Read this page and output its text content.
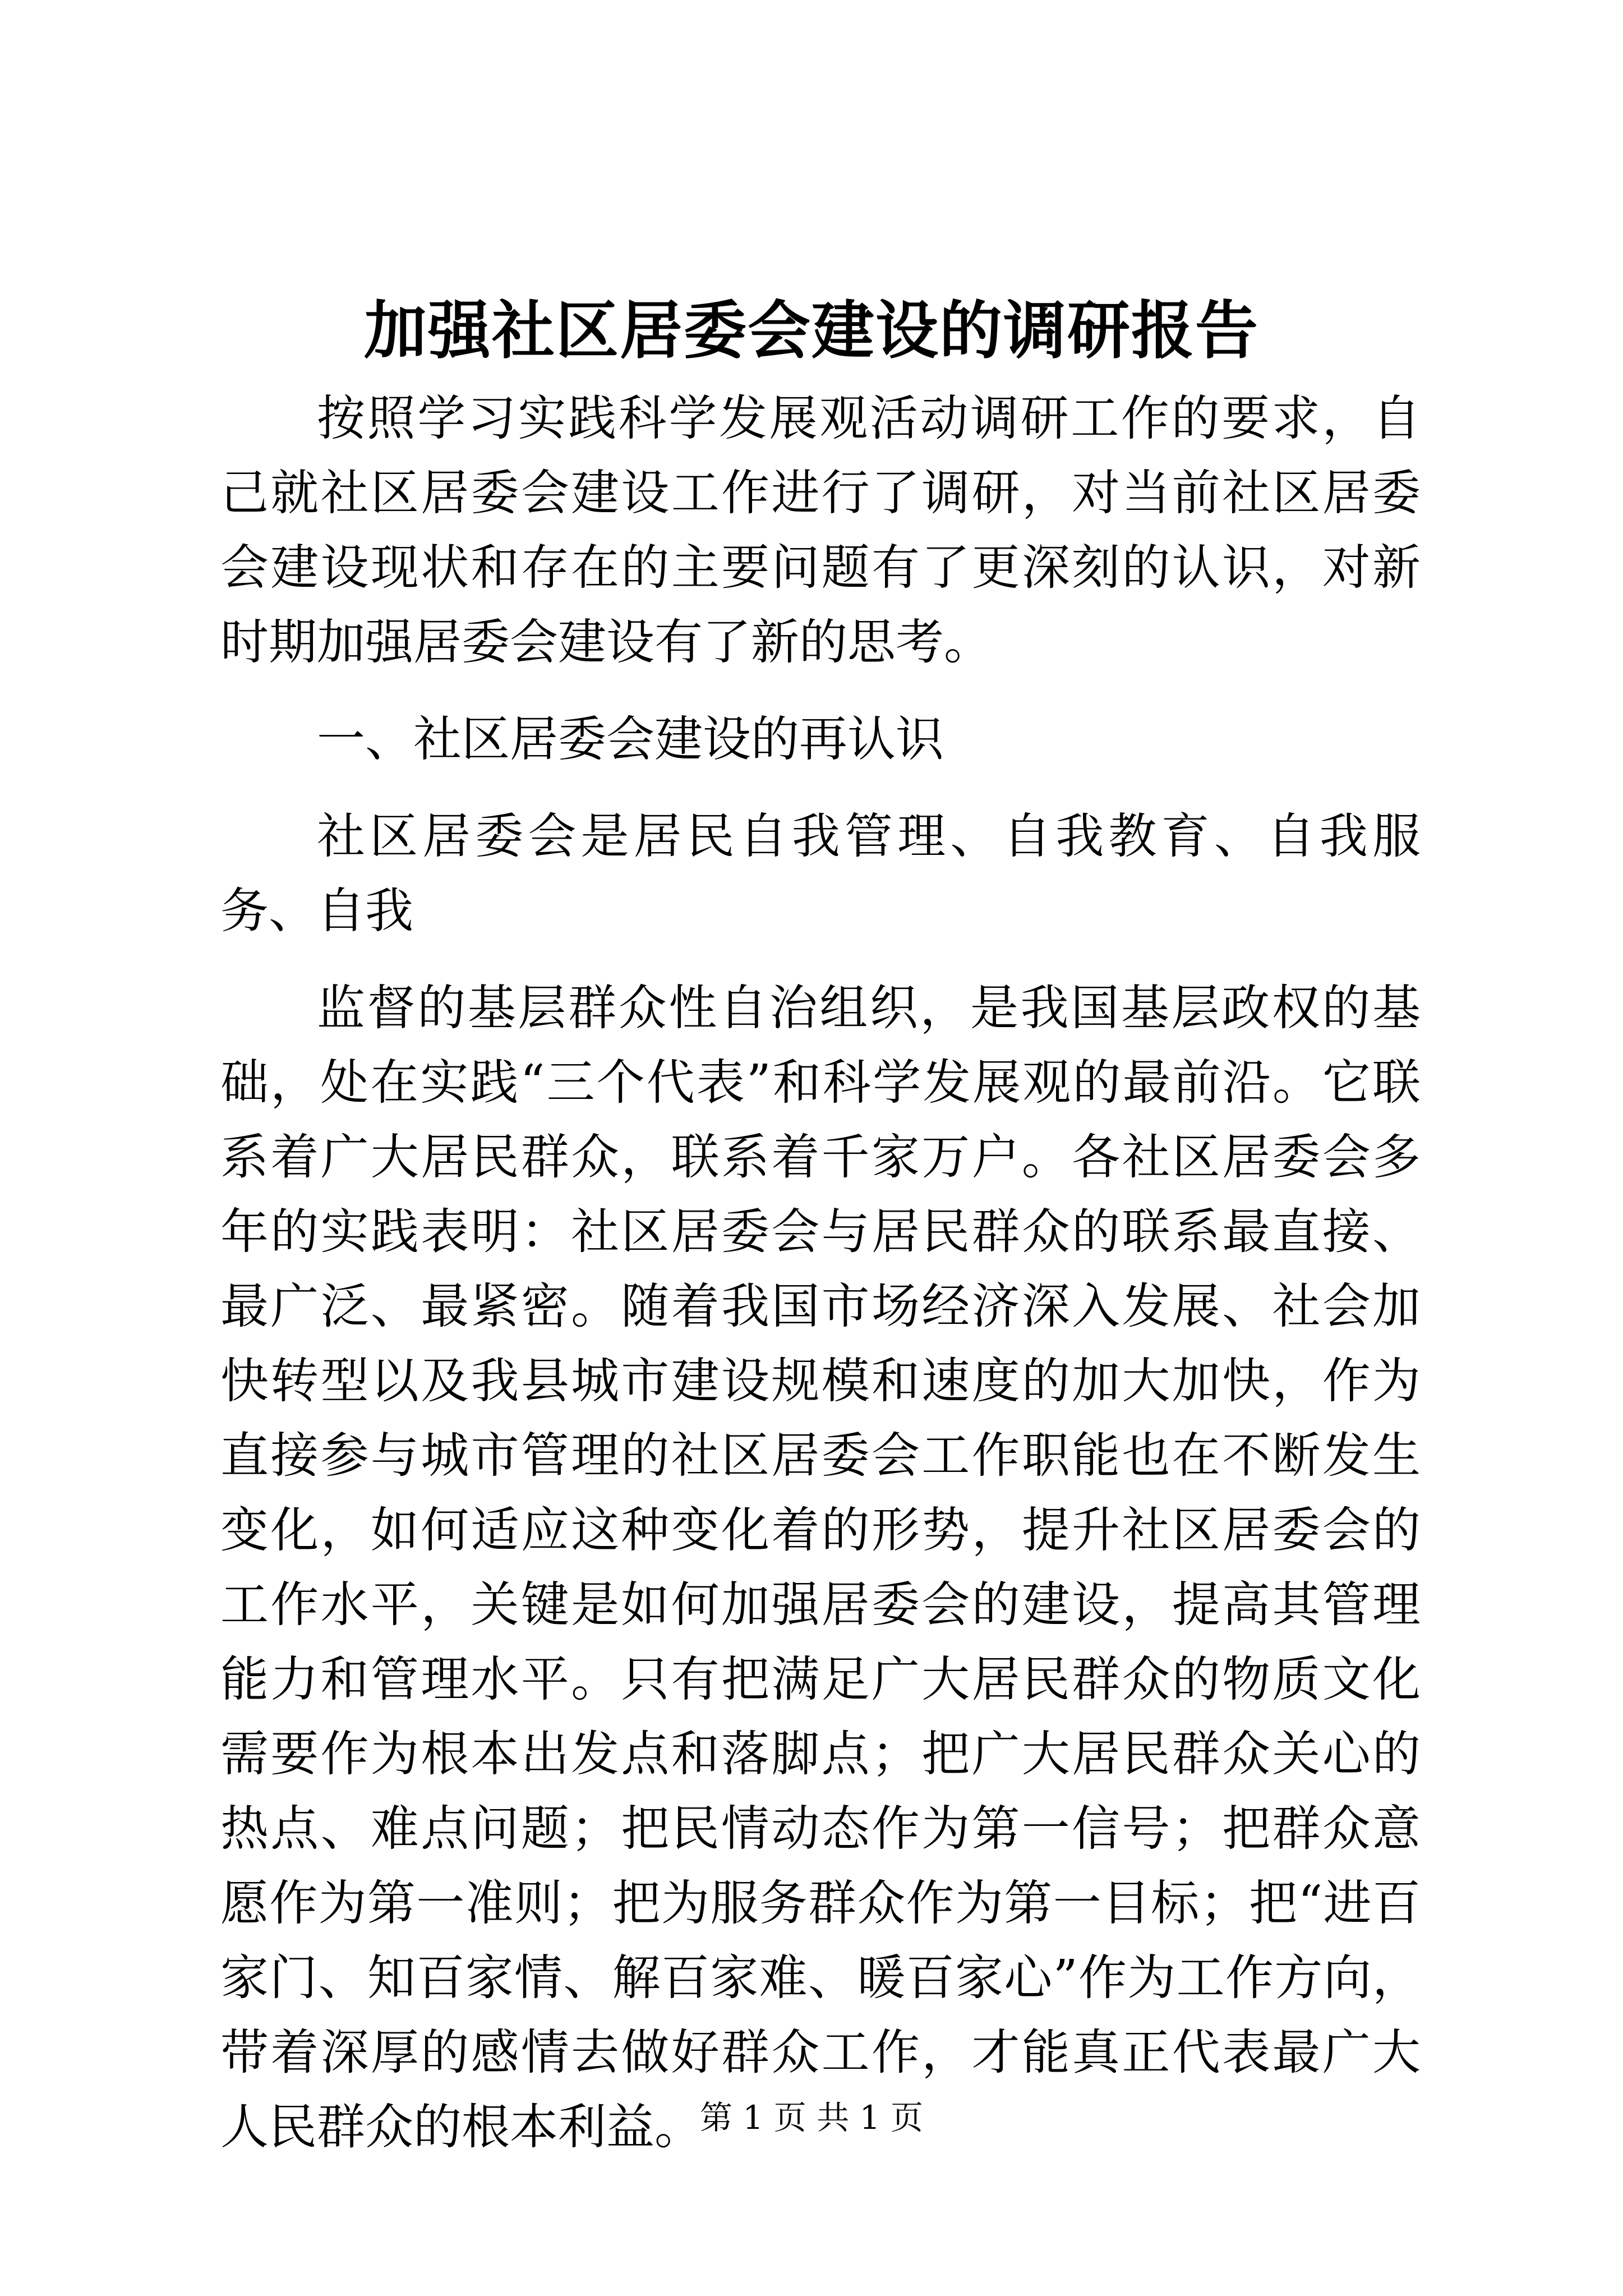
加强社区居委会建设的调研报告

按照学习实践科学发展观活动调研工作的要求，自己就社区居委会建设工作进行了调研，对当前社区居委会建设现状和存在的主要问题有了更深刻的认识，对新时期加强居委会建设有了新的思考。

一、社区居委会建设的再认识

社区居委会是居民自我管理、自我教育、自我服务、自我

监督的基层群众性自治组织，是我国基层政权的基础，处在实践“三个代表”和科学发展观的最前沿。它联系着广大居民群众，联系着千家万户。各社区居委会多年的实践表明：社区居委会与居民群众的联系最直接、最广泛、最紧密。随着我国市场经济深入发展、社会加快转型以及我县城市建设规模和速度的加大加快，作为直接参与城市管理的社区居委会工作职能也在不断发生变化，如何适应这种变化着的形势，提升社区居委会的工作水平，关键是如何加强居委会的建设，提高其管理能力和管理水平。只有把满足广大居民群众的物质文化需要作为根本出发点和落脚点；把广大居民群众关心的热点、难点问题；把民情动态作为第一信号；把群众意愿作为第一准则；把为服务群众作为第一目标；把“进百家门、知百家情、解百家难、暖百家心”作为工作方向，带着深厚的感情去做好群众工作，才能真正代表最广大人民群众的根本利益。

第 1 页 共 1 页
